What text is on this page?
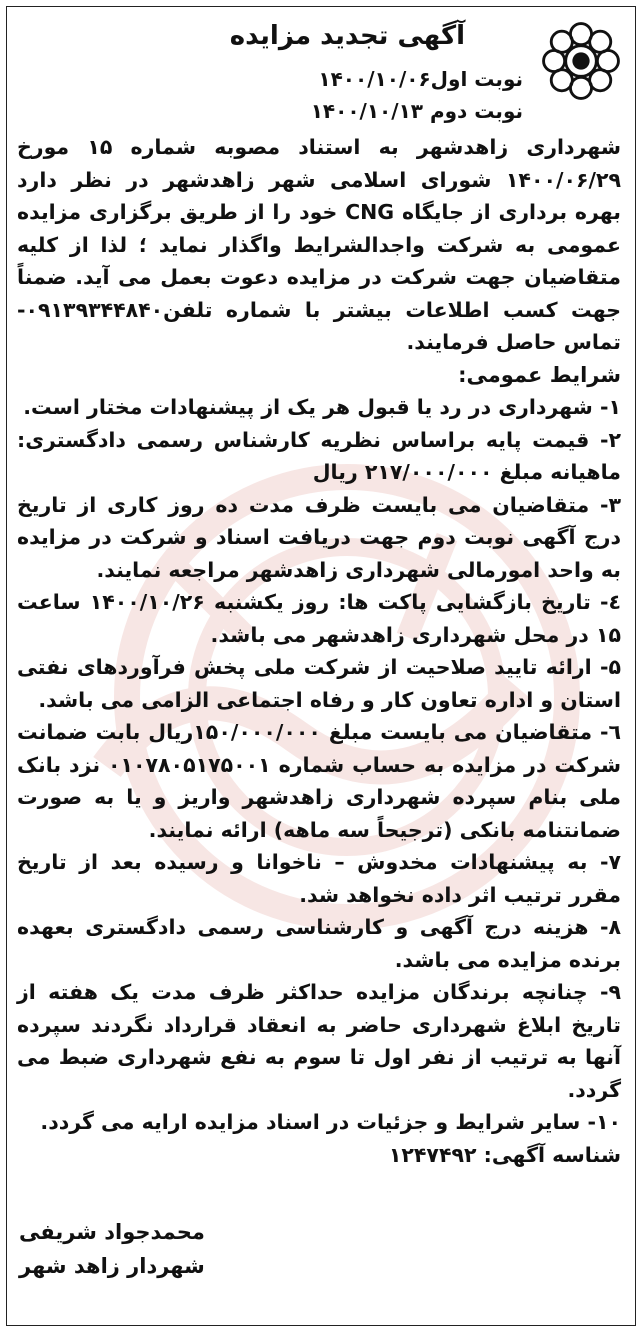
آگهی تجدید مزایده
نوبت اول۱۴۰۰/۱۰/۰۶
نوبت دوم ۱۴۰۰/۱۰/۱۳

شهرداری زاهدشهر به استناد مصوبه شماره ۱۵ مورخ ۱۴۰۰/۰۶/۲۹ شورای اسلامی شهر زاهدشهر در نظر دارد بهره برداری از جایگاه CNG خود را از طریق برگزاری مزایده عمومی به شرکت واجدالشرایط واگذار نماید ؛ لذا از کلیه متقاضیان جهت شرکت در مزایده دعوت بعمل می آید. ضمناً جهت کسب اطلاعات بیشتر با شماره تلفن۰۹۱۳۹۳۴۴۸۴۰- تماس حاصل فرمایند.

شرایط عمومی:

۱- شهرداری در رد یا قبول هر یک از پیشنهادات مختار است.

۲- قیمت پایه براساس نظریه کارشناس رسمی دادگستری: ماهیانه مبلغ ۲۱۷/۰۰۰/۰۰۰ ریال

۳- متقاضیان می بایست ظرف مدت ده روز کاری از تاریخ درج آگهی نوبت دوم جهت دریافت اسناد و شرکت در مزایده به واحد امورمالی شهرداری زاهدشهر مراجعه نمایند.

٤- تاریخ بازگشایی پاکت ها: روز یکشنبه ۱۴۰۰/۱۰/۲۶ ساعت ۱۵ در محل شهرداری زاهدشهر می باشد.

۵- ارائه تایید صلاحیت از شرکت ملی پخش فرآوردهای نفتی استان و اداره تعاون کار و رفاه اجتماعی الزامی می باشد.

٦- متقاضیان می بایست مبلغ ۱۵۰/۰۰۰/۰۰۰ریال بابت ضمانت شرکت در مزایده به حساب شماره ۰۱۰۷۸۰۵۱۷۵۰۰۱ نزد بانک ملی بنام سپرده شهرداری زاهدشهر واریز و یا به صورت ضمانتنامه بانکی (ترجیحاً سه ماهه) ارائه نمایند.

۷- به پیشنهادات مخدوش – ناخوانا و رسیده بعد از تاریخ مقرر ترتیب اثر داده نخواهد شد.

۸- هزینه درج آگهی و کارشناسی رسمی دادگستری بعهده برنده مزایده می باشد.

۹- چنانچه برندگان مزایده حداکثر ظرف مدت یک هفته از تاریخ ابلاغ شهرداری حاضر به انعقاد قرارداد نگردند سپرده آنها به ترتیب از نفر اول تا سوم به نفع شهرداری ضبط می گردد.

۱۰- سایر شرایط و جزئیات در اسناد مزایده ارایه می گردد.

شناسه آگهی: ۱۲۴۷۴۹۲

محمدجواد شریفی
شهردار زاهد شهر
